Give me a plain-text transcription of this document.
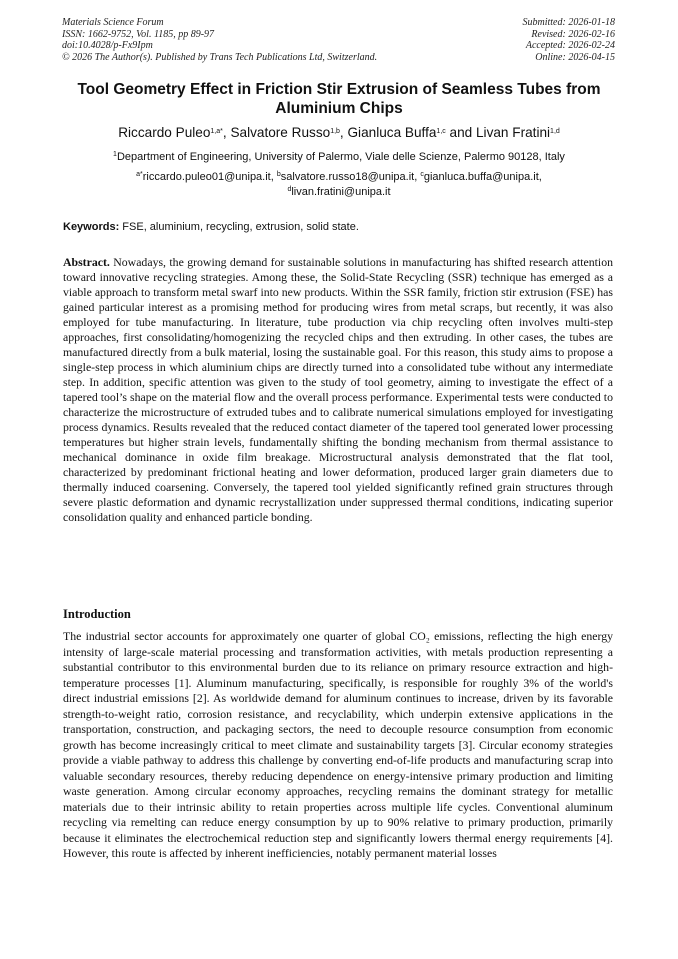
Materials Science Forum
ISSN: 1662-9752, Vol. 1185, pp 89-97
doi:10.4028/p-Fx9Ipm
© 2026 The Author(s). Published by Trans Tech Publications Ltd, Switzerland.
Submitted: 2026-01-18
Revised: 2026-02-16
Accepted: 2026-02-24
Online: 2026-04-15
Tool Geometry Effect in Friction Stir Extrusion of Seamless Tubes from Aluminium Chips
Riccardo Puleo$^{1,a*}$, Salvatore Russo$^{1,b}$, Gianluca Buffa$^{1,c}$ and Livan Fratini$^{1,d}$
$^1$Department of Engineering, University of Palermo, Viale delle Scienze, Palermo 90128, Italy
$^{a*}$riccardo.puleo01@unipa.it, $^b$salvatore.russo18@unipa.it, $^c$gianluca.buffa@unipa.it,
$^d$livan.fratini@unipa.it
Keywords: FSE, aluminium, recycling, extrusion, solid state.
Abstract. Nowadays, the growing demand for sustainable solutions in manufacturing has shifted research attention toward innovative recycling strategies. Among these, the Solid-State Recycling (SSR) technique has emerged as a viable approach to transform metal swarf into new products. Within the SSR family, friction stir extrusion (FSE) has gained particular interest as a promising method for producing wires from metal scraps, but recently, it was also employed for tube manufacturing. In literature, tube production via chip recycling often involves multi-step approaches, first consolidating/homogenizing the recycled chips and then extruding. In other cases, the tubes are manufactured directly from a bulk material, losing the sustainable goal. For this reason, this study aims to propose a single-step process in which aluminium chips are directly turned into a consolidated tube without any intermediate step. In addition, specific attention was given to the study of tool geometry, aiming to investigate the effect of a tapered tool’s shape on the material flow and the overall process performance. Experimental tests were conducted to characterize the microstructure of extruded tubes and to calibrate numerical simulations employed for investigating process dynamics. Results revealed that the reduced contact diameter of the tapered tool generated lower processing temperatures but higher strain levels, fundamentally shifting the bonding mechanism from thermal assistance to mechanical dominance in oxide film breakage. Microstructural analysis demonstrated that the flat tool, characterized by predominant frictional heating and lower deformation, produced larger grain diameters due to thermally induced coarsening. Conversely, the tapered tool yielded significantly refined grain structures through severe plastic deformation and dynamic recrystallization under suppressed thermal conditions, indicating superior consolidation quality and enhanced particle bonding.
Introduction
The industrial sector accounts for approximately one quarter of global CO₂ emissions, reflecting the high energy intensity of large-scale material processing and transformation activities, with metals production representing a substantial contributor to this environmental burden due to its reliance on primary resource extraction and high-temperature processes [1]. Aluminum manufacturing, specifically, is responsible for roughly 3% of the world's direct industrial emissions [2]. As worldwide demand for aluminum continues to increase, driven by its favorable strength-to-weight ratio, corrosion resistance, and recyclability, which underpin extensive applications in the transportation, construction, and packaging sectors, the need to decouple resource consumption from economic growth has become increasingly critical to meet climate and sustainability targets [3]. Circular economy strategies provide a viable pathway to address this challenge by converting end-of-life products and manufacturing scrap into valuable secondary resources, thereby reducing dependence on energy-intensive primary production and limiting waste generation. Among circular economy approaches, recycling remains the dominant strategy for metallic materials due to their intrinsic ability to retain properties across multiple life cycles. Conventional aluminum recycling via remelting can reduce energy consumption by up to 90% relative to primary production, primarily because it eliminates the electrochemical reduction step and significantly lowers thermal energy requirements [4]. However, this route is affected by inherent inefficiencies, notably permanent material losses
